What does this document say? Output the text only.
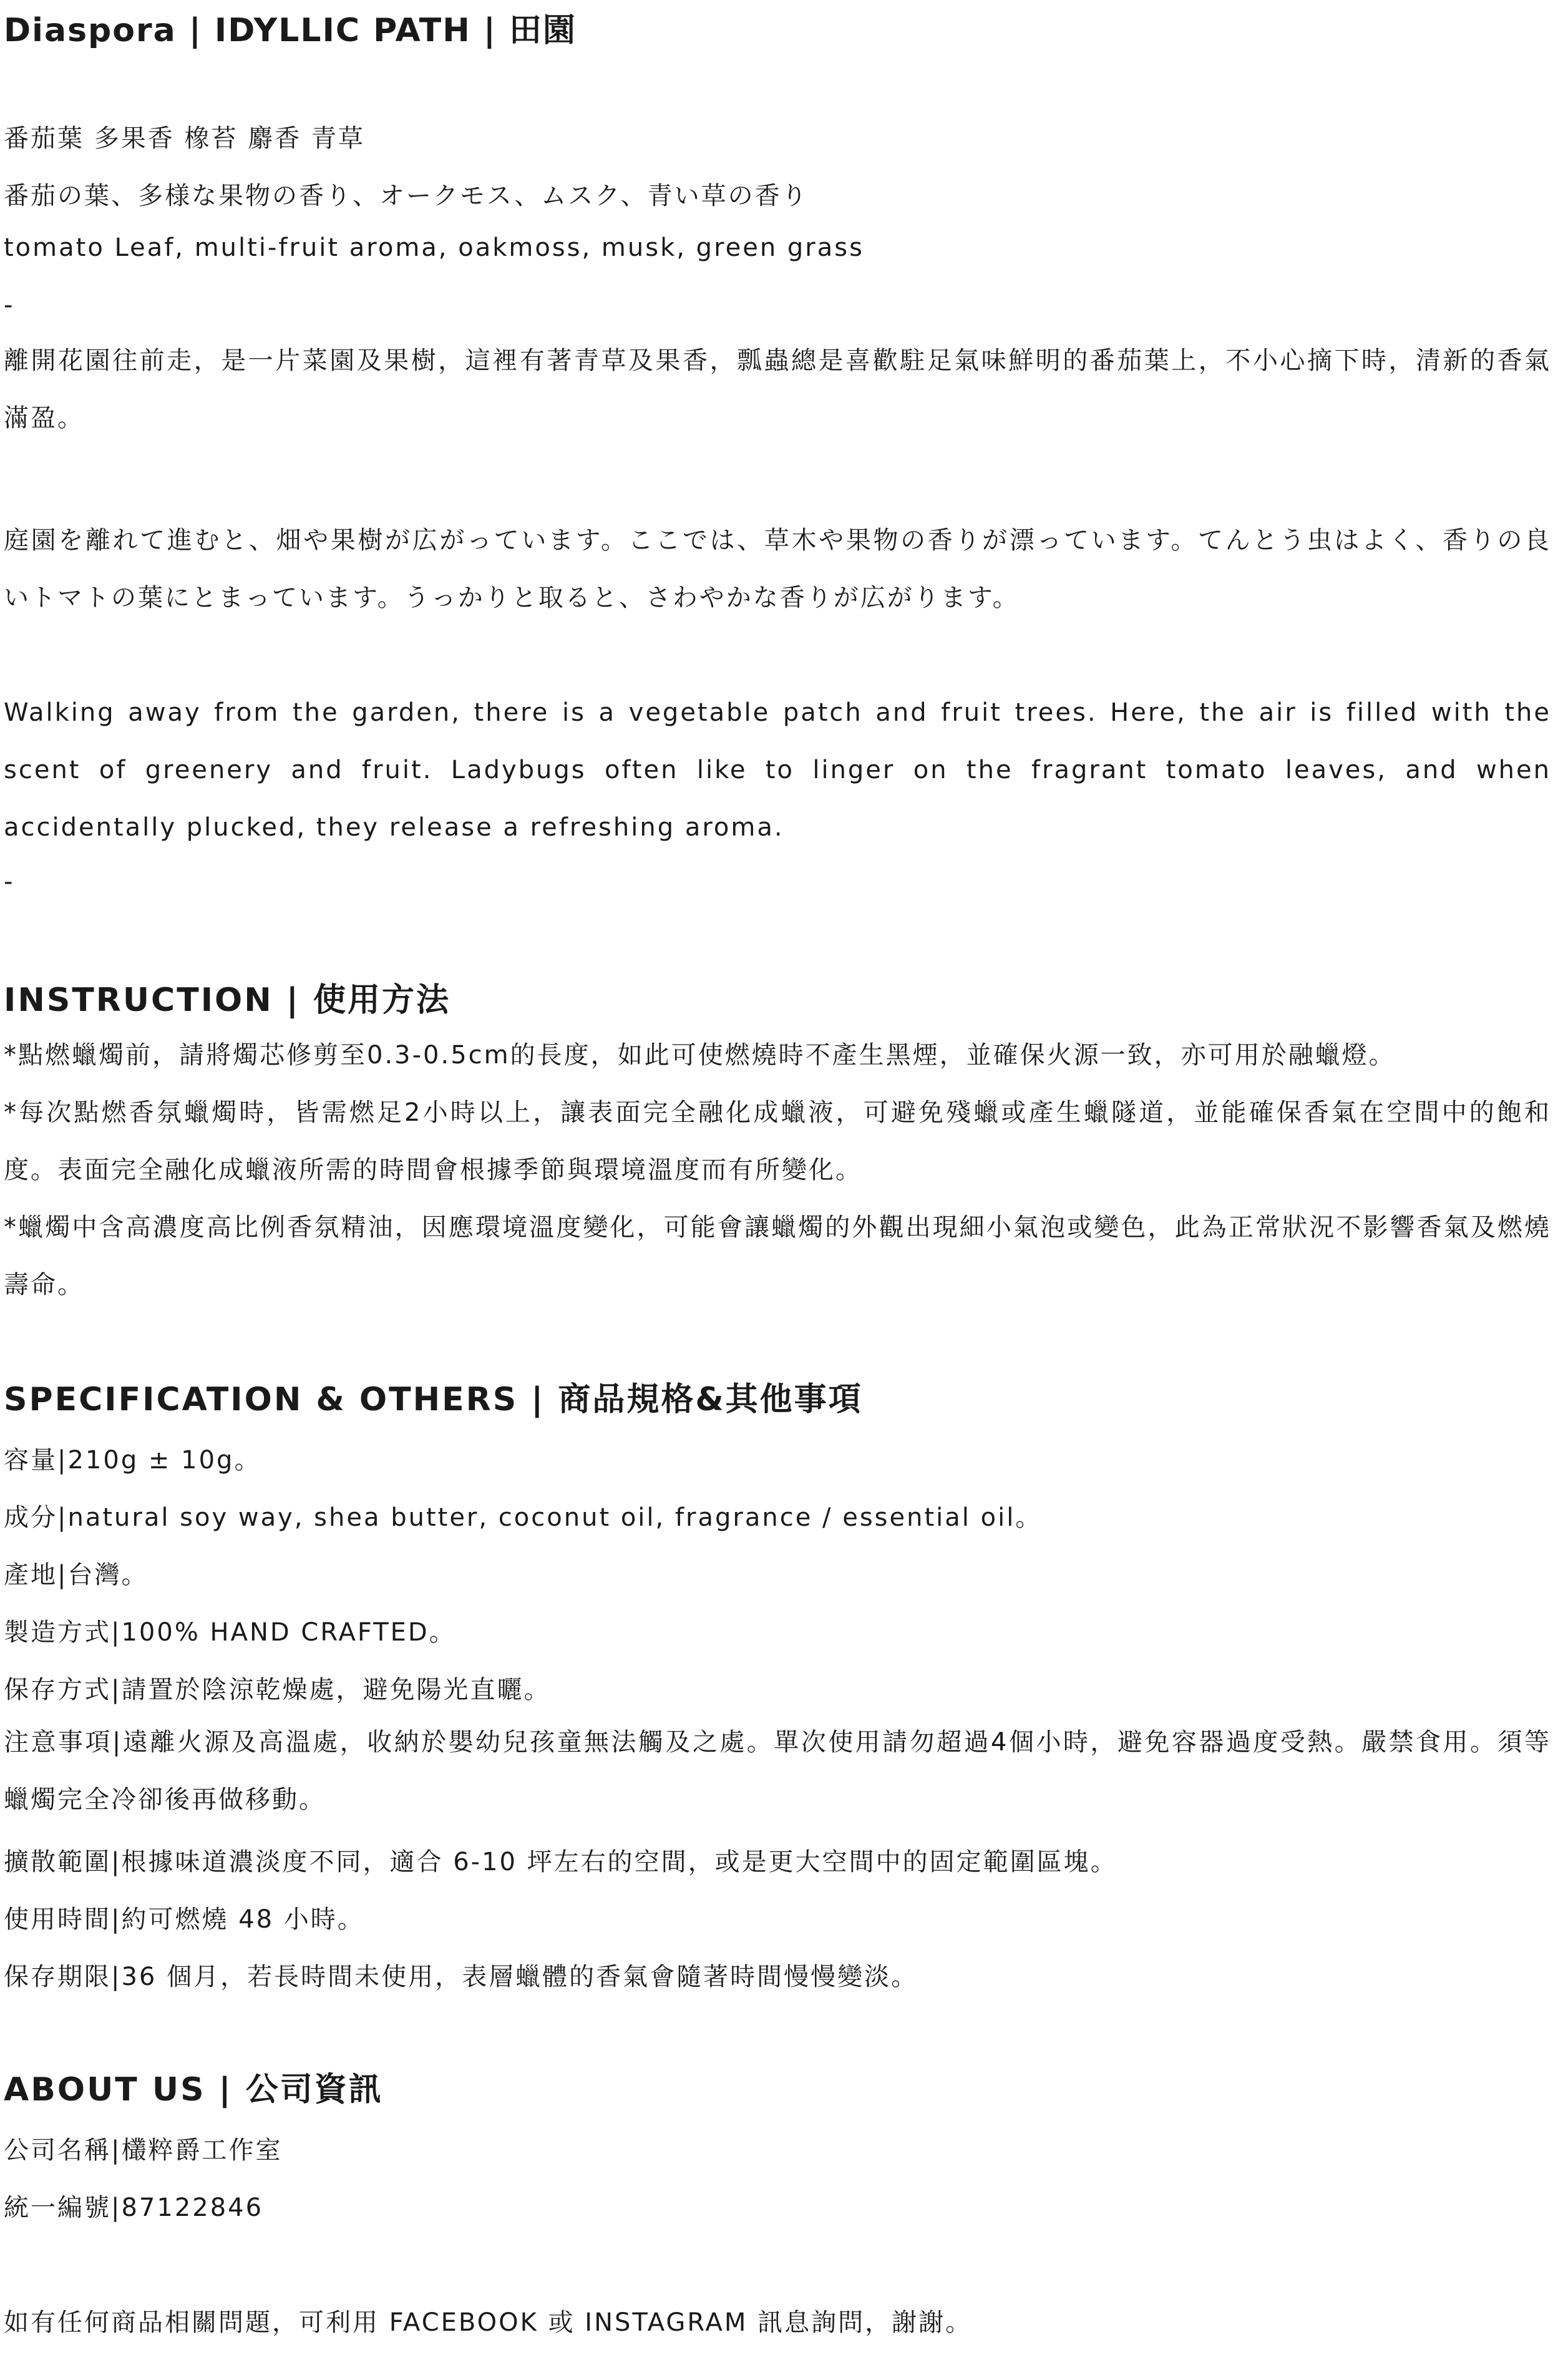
Diaspora | IDYLLIC PATH | 田園
番茄葉 多果香 橡苔 麝香 青草
番茄の葉、多様な果物の香り、オークモス、ムスク、青い草の香り
tomato Leaf, multi-fruit aroma, oakmoss, musk, green grass
-
離開花園往前走，是一片菜園及果樹，這裡有著青草及果香，瓢蟲總是喜歡駐足氣味鮮明的番茄葉上，不小心摘下時，清新的香氣滿盈。
庭園を離れて進むと、畑や果樹が広がっています。ここでは、草木や果物の香りが漂っています。てんとう虫はよく、香りの良いトマトの葉にとまっています。うっかりと取ると、さわやかな香りが広がります。
Walking away from the garden, there is a vegetable patch and fruit trees. Here, the air is filled with the scent of greenery and fruit. Ladybugs often like to linger on the fragrant tomato leaves, and when accidentally plucked, they release a refreshing aroma.
-
INSTRUCTION | 使用方法
*點燃蠟燭前，請將燭芯修剪至0.3-0.5cm的長度，如此可使燃燒時不產生黑煙，並確保火源一致，亦可用於融蠟燈。
*每次點燃香氛蠟燭時，皆需燃足2小時以上，讓表面完全融化成蠟液，可避免殘蠟或產生蠟隧道，並能確保香氣在空間中的飽和度。表面完全融化成蠟液所需的時間會根據季節與環境溫度而有所變化。
*蠟燭中含高濃度高比例香氛精油，因應環境溫度變化，可能會讓蠟燭的外觀出現細小氣泡或變色，此為正常狀況不影響香氣及燃燒壽命。
SPECIFICATION & OTHERS | 商品規格&其他事項
容量|210g ± 10g。
成分|natural soy way, shea butter, coconut oil, fragrance / essential oil。
產地|台灣。
製造方式|100% HAND CRAFTED。
保存方式|請置於陰涼乾燥處，避免陽光直曬。
注意事項|遠離火源及高溫處，收納於嬰幼兒孩童無法觸及之處。單次使用請勿超過4個小時，避免容器過度受熱。嚴禁食用。須等蠟燭完全冷卻後再做移動。
擴散範圍|根據味道濃淡度不同，適合 6-10 坪左右的空間，或是更大空間中的固定範圍區塊。
使用時間|約可燃燒 48 小時。
保存期限|36 個月，若長時間未使用，表層蠟體的香氣會隨著時間慢慢變淡。
ABOUT US | 公司資訊
公司名稱|欉粹爵工作室
統一編號|87122846
如有任何商品相關問題，可利用 FACEBOOK 或 INSTAGRAM 訊息詢問，謝謝。
